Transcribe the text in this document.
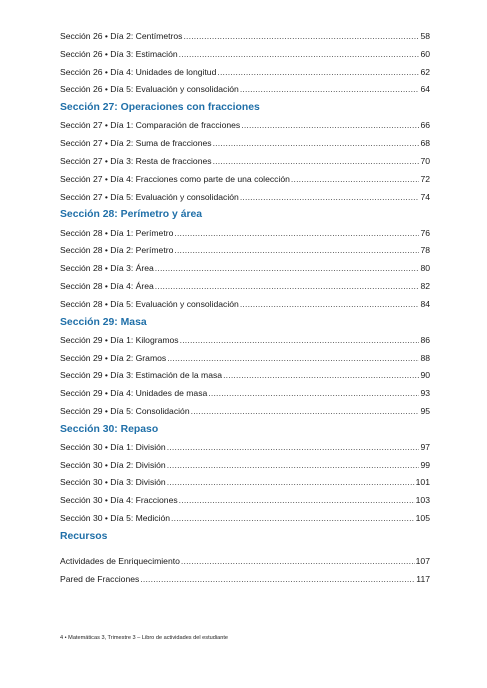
Sección 26 • Día 2: Centímetros .....	58
Sección 26 • Día 3: Estimación .....	60
Sección 26 • Día 4: Unidades de longitud .....	62
Sección 26 • Día 5: Evaluación y consolidación .....	64
Sección 27: Operaciones con fracciones
Sección 27 • Día 1: Comparación de fracciones .....	66
Sección 27 • Día 2: Suma de fracciones .....	68
Sección 27 • Día 3: Resta de fracciones .....	70
Sección 27 • Día 4: Fracciones como parte de una colección .....	72
Sección 27 • Día 5: Evaluación y consolidación .....	74
Sección 28: Perímetro y área
Sección 28 • Día 1: Perímetro .....	76
Sección 28 • Día 2: Perímetro .....	78
Sección 28 • Día 3: Área .....	80
Sección 28 • Día 4: Área .....	82
Sección 28 • Día 5: Evaluación y consolidación .....	84
Sección 29: Masa
Sección 29 • Día 1: Kilogramos .....	86
Sección 29 • Día 2: Gramos .....	88
Sección 29 • Día 3: Estimación de la masa .....	90
Sección 29 • Día 4: Unidades de masa .....	93
Sección 29 • Día 5: Consolidación .....	95
Sección 30: Repaso
Sección 30 • Día 1: División .....	97
Sección 30 • Día 2: División .....	99
Sección 30 • Día 3: División .....	101
Sección 30 • Día 4: Fracciones .....	103
Sección 30 • Día 5: Medición .....	105
Recursos
Actividades de Enriquecimiento .....	107
Pared de Fracciones .....	117
4 • Matemáticas 3, Trimestre 3 – Libro de actividades del estudiante
